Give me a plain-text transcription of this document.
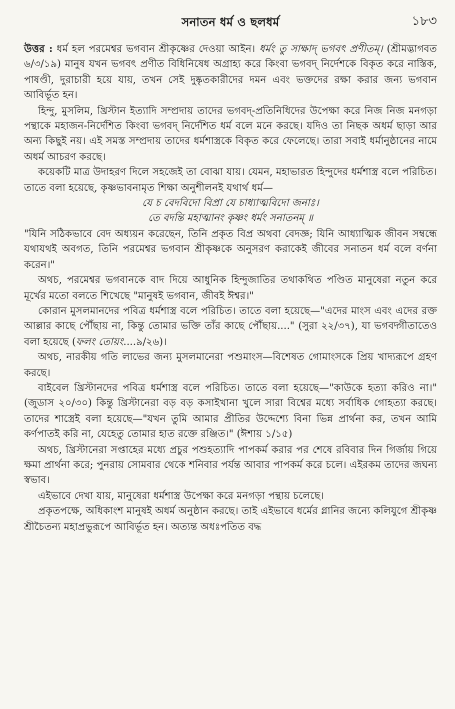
সনাতন ধর্ম ও ছলধর্ম	১৮৩

উত্তর : ধর্ম হল পরমেশ্বর ভগবান শ্রীকৃষ্ণের দেওয়া আইন। ধর্মং তু সাক্ষাদ্ ভগবৎ প্রণীতম্। (শ্রীমদ্ভাগবত ৬/৩/১৯) মানুষ যখন ভগবৎ প্রণীত বিধিনিষেধ অগ্রাহ্য করে কিংবা ভগবদ্ নির্দেশকে বিকৃত করে নাস্তিক, পাষণ্ডী, দুরাচারী হয়ে যায়, তখন সেই দুষ্কৃতকারীদের দমন এবং ভক্তদের রক্ষা করার জন্য ভগবান আবির্ভূত হন।

হিন্দু, মুসলিম, খ্রিস্টান ইত্যাদি সম্প্রদায় তাদের ভগবদ্-প্রতিনিধিদের উপেক্ষা করে নিজ নিজ মনগড়া পন্থাকে মহাজন-নির্দেশিত কিংবা ভগবদ্ নির্দেশিত ধর্ম বলে মনে করছে। যদিও তা নিছক অধর্ম ছাড়া আর অন্য কিছুই নয়। এই সমস্ত সম্প্রদায় তাদের ধর্মশাস্ত্রকে বিকৃত করে ফেলেছে। তারা সবাই ধর্মানুষ্ঠানের নামে অধর্ম আচরণ করছে।

কয়েকটি মাত্র উদাহরণ দিলে সহজেই তা বোঝা যায়। যেমন, মহাভারত হিন্দুদের ধর্মশাস্ত্র বলে পরিচিত। তাতে বলা হয়েছে, কৃষ্ণভাবনামৃত শিক্ষা অনুশীলনই যথার্থ ধর্ম—

যে চ বেদবিদো বিপ্রা যে চাধ্যাত্মবিদো জনাঃ।
তে বদন্তি মহাত্মানং কৃষ্ণং ধর্মং সনাতনম্ ॥

"যিনি সঠিকভাবে বেদ অধ্যয়ন করেছেন, তিনি প্রকৃত বিপ্র অথবা বেদজ্ঞ; যিনি আধ্যাত্মিক জীবন সম্বন্ধে যথাযথই অবগত, তিনি পরমেশ্বর ভগবান শ্রীকৃষ্ণকে অনুসরণ করাকেই জীবের সনাতন ধর্ম বলে বর্ণনা করেন।"

অথচ, পরমেশ্বর ভগবানকে বাদ দিয়ে আধুনিক হিন্দুজাতির তথাকথিত পণ্ডিত মানুষেরা নতুন করে মূর্খের মতো বলতে শিখেছে "মানুষই ভগবান, জীবই ঈশ্বর।"

কোরান মুসলমানদের পবিত্র ধর্মশাস্ত্র বলে পরিচিত। তাতে বলা হয়েছে—"এদের মাংস এবং এদের রক্ত আল্লার কাছে পৌঁছায় না, কিন্তু তোমার ভক্তি তাঁর কাছে পৌঁছায়...." (সুরা ২২/৩৭), যা ভগবদ্গীতাতেও বলা হয়েছে (ফলং তোয়ং....৯/২৬)।

অথচ, নারকীয় গতি লাভের জন্য মুসলমানেরা পশুমাংস—বিশেষত গোমাংসকে প্রিয় খাদ্যরূপে গ্রহণ করছে।

বাইবেল খ্রিস্টানদের পবিত্র ধর্মশাস্ত্র বলে পরিচিত। তাতে বলা হয়েছে—"কাউকে হত্যা করিও না।" (জুডাস ২০/৩০) কিন্তু খ্রিস্টানেরা বড় বড় কসাইখানা খুলে সারা বিশ্বের মধ্যে সর্বাধিক গোহত্যা করছে। তাদের শাস্ত্রেই বলা হয়েছে—"যখন তুমি আমার প্রীতির উদ্দেশ্যে বিনা ভিন্ন প্রার্থনা কর, তখন আমি কর্ণপাতই করি না, যেহেতু তোমার হাত রক্তে রঞ্জিত।" (ঈশায় ১/১৫)

অথচ, খ্রিস্টানেরা সপ্তাহের মধ্যে প্রচুর পশুহত্যাদি পাপকর্ম করার পর শেষে রবিবার দিন গির্জায় গিয়ে ক্ষমা প্রার্থনা করে; পুনরায় সোমবার থেকে শনিবার পর্যন্ত আবার পাপকর্ম করে চলে। এইরকম তাদের জঘন্য স্বভাব।

এইভাবে দেখা যায়, মানুষেরা ধর্মশাস্ত্র উপেক্ষা করে মনগড়া পন্থায় চলেছে।

প্রকৃতপক্ষে, অধিকাংশ মানুষই অধর্ম অনুষ্ঠান করছে। তাই এইভাবে ধর্মের গ্লানির জন্যে কলিযুগে শ্রীকৃষ্ণ শ্রীচৈতন্য মহাপ্রভুরূপে আবির্ভূত হন। অত্যন্ত অধঃপতিত বদ্ধ
